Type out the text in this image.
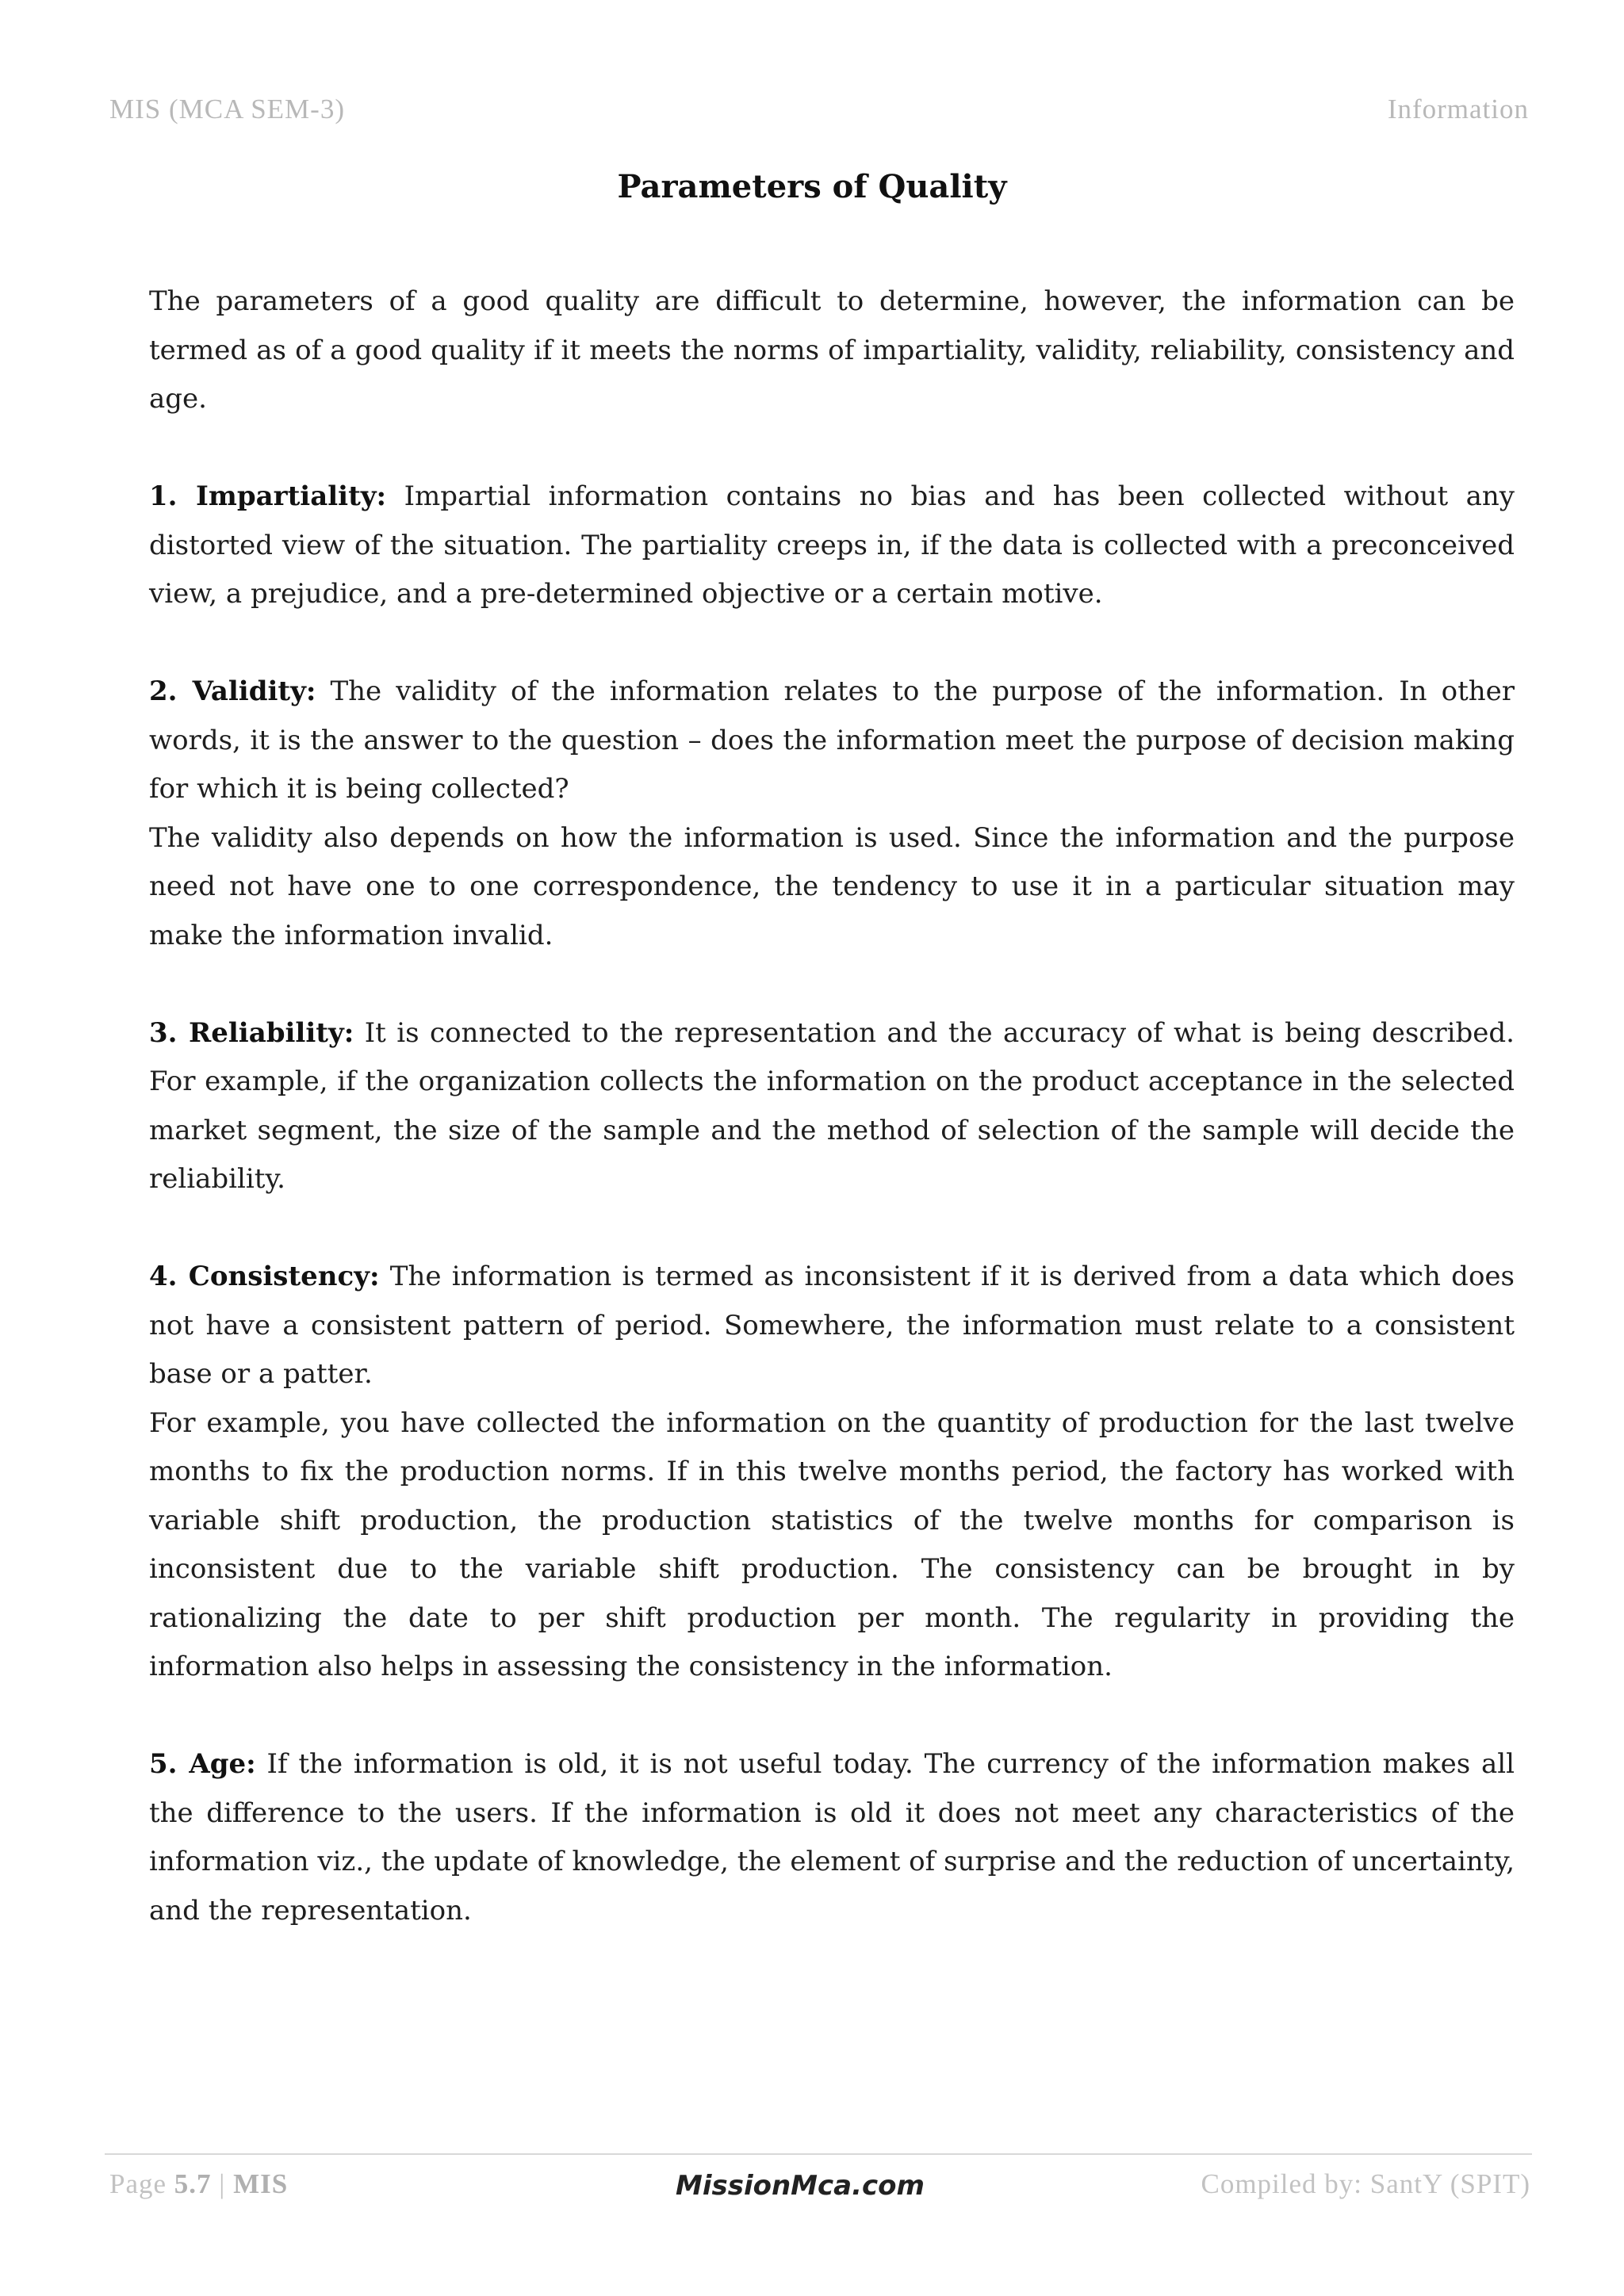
MIS (MCA SEM-3)	Information
Parameters of Quality

The parameters of a good quality are difficult to determine, however, the information can be termed as of a good quality if it meets the norms of impartiality, validity, reliability, consistency and age.

1. Impartiality: Impartial information contains no bias and has been collected without any distorted view of the situation. The partiality creeps in, if the data is collected with a preconceived view, a prejudice, and a pre-determined objective or a certain motive.

2. Validity: The validity of the information relates to the purpose of the information. In other words, it is the answer to the question – does the information meet the purpose of decision making for which it is being collected?

The validity also depends on how the information is used. Since the information and the purpose need not have one to one correspondence, the tendency to use it in a particular situation may make the information invalid.

3. Reliability: It is connected to the representation and the accuracy of what is being described. For example, if the organization collects the information on the product acceptance in the selected market segment, the size of the sample and the method of selection of the sample will decide the reliability.

4. Consistency: The information is termed as inconsistent if it is derived from a data which does not have a consistent pattern of period. Somewhere, the information must relate to a consistent base or a patter.

For example, you have collected the information on the quantity of production for the last twelve months to fix the production norms. If in this twelve months period, the factory has worked with variable shift production, the production statistics of the twelve months for comparison is inconsistent due to the variable shift production. The consistency can be brought in by rationalizing the date to per shift production per month. The regularity in providing the information also helps in assessing the consistency in the information.

5. Age: If the information is old, it is not useful today. The currency of the information makes all the difference to the users. If the information is old it does not meet any characteristics of the information viz., the update of knowledge, the element of surprise and the reduction of uncertainty, and the representation.

Page 5.7 | MIS	MissionMca.com	Compiled by: SantY (SPIT)
